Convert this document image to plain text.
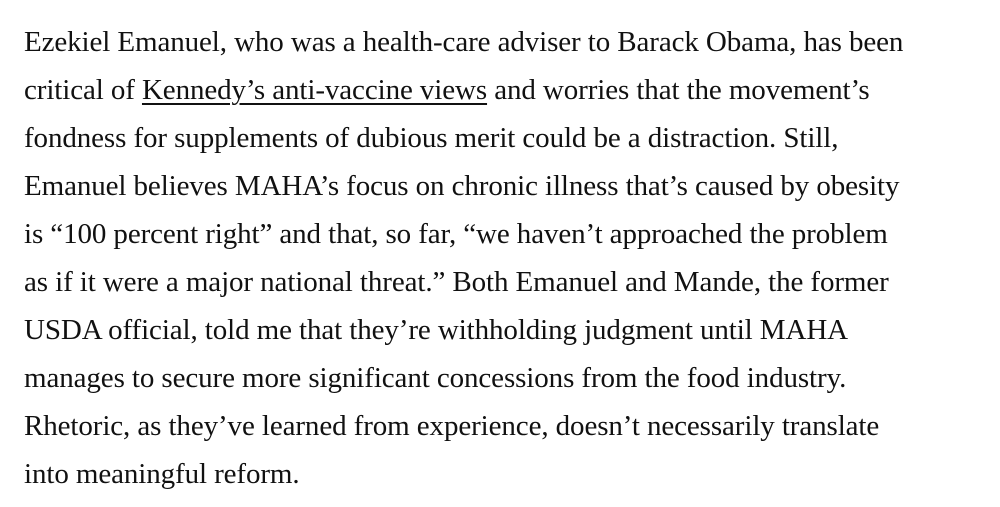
Ezekiel Emanuel, who was a health-care adviser to Barack Obama, has been
critical of Kennedy’s anti-vaccine views and worries that the movement’s
fondness for supplements of dubious merit could be a distraction. Still,
Emanuel believes MAHA’s focus on chronic illness that’s caused by obesity
is “100 percent right” and that, so far, “we haven’t approached the problem
as if it were a major national threat.” Both Emanuel and Mande, the former
USDA official, told me that they’re withholding judgment until MAHA
manages to secure more significant concessions from the food industry.
Rhetoric, as they’ve learned from experience, doesn’t necessarily translate
into meaningful reform.
